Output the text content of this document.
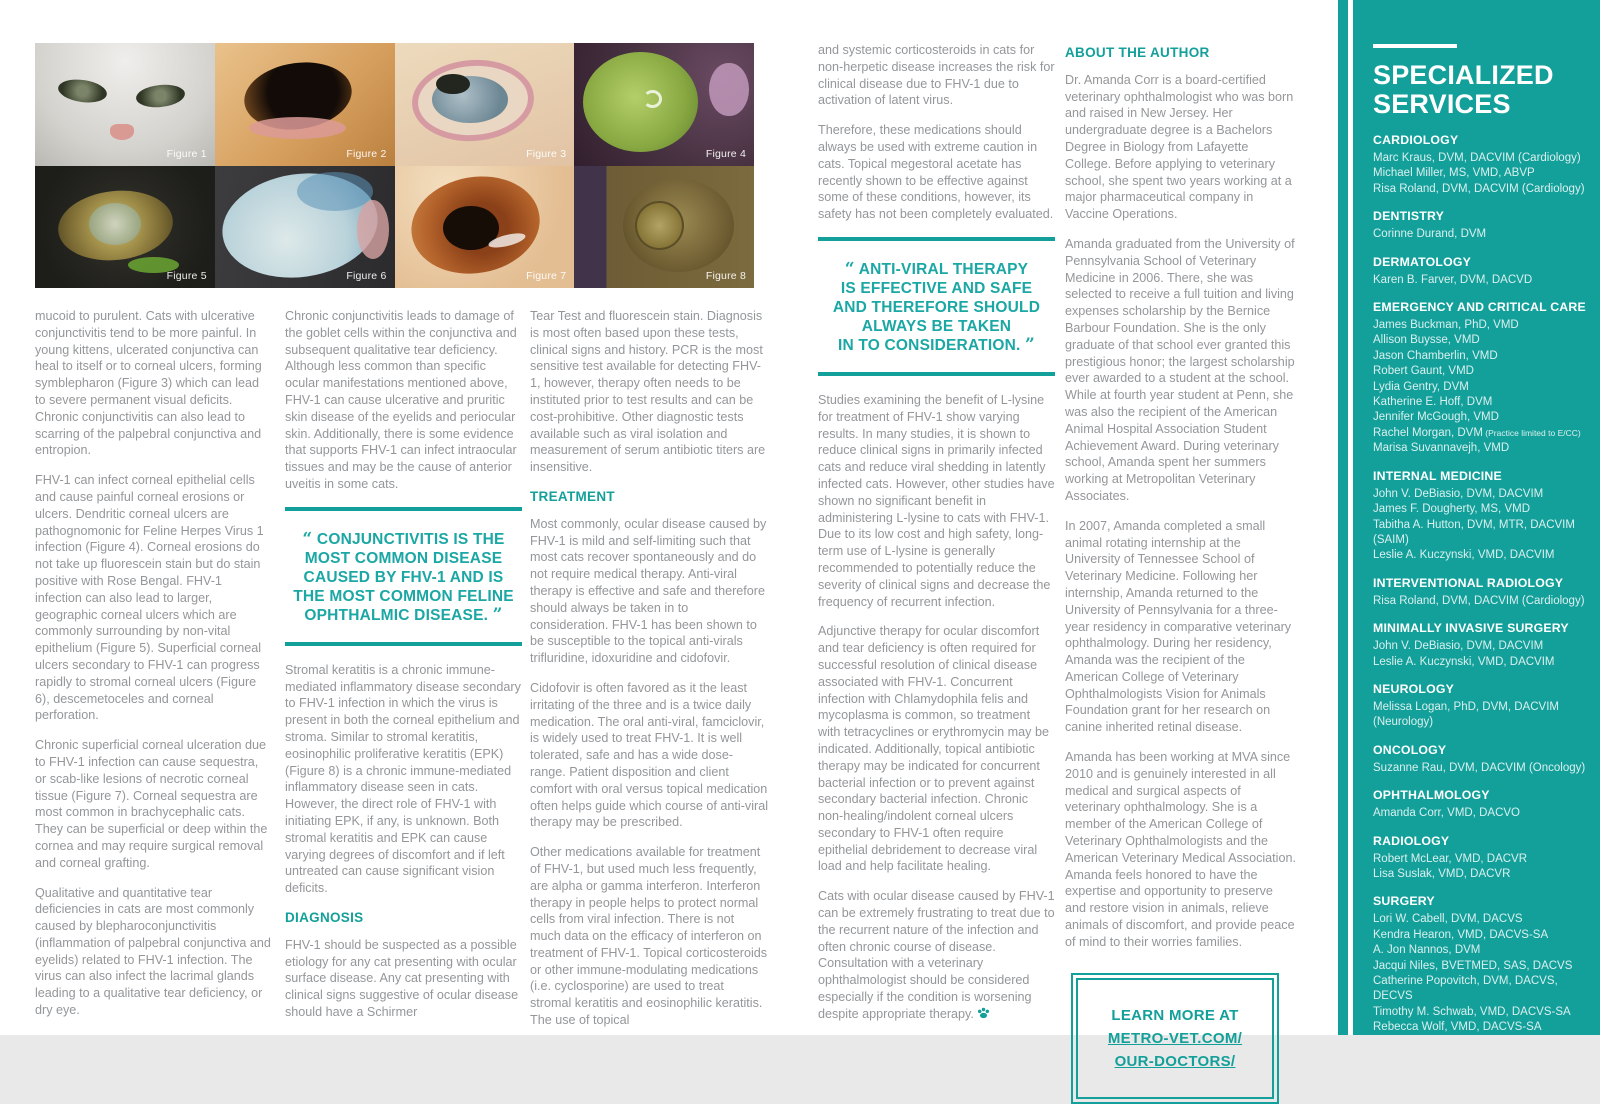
Figure 1	Figure 2	Figure 3	Figure 4
Figure 5	Figure 6	Figure 7	Figure 8

mucoid to purulent. Cats with ulcerative conjunctivitis tend to be more painful. In young kittens, ulcerated conjunctiva can heal to itself or to corneal ulcers, forming symblepharon (Figure 3) which can lead to severe permanent visual deficits. Chronic conjunctivitis can also lead to scarring of the palpebral conjunctiva and entropion.

FHV-1 can infect corneal epithelial cells and cause painful corneal erosions or ulcers. Dendritic corneal ulcers are pathognomonic for Feline Herpes Virus 1 infection (Figure 4). Corneal erosions do not take up fluorescein stain but do stain positive with Rose Bengal. FHV-1 infection can also lead to larger, geographic corneal ulcers which are commonly surrounding by non-vital epithelium (Figure 5). Superficial corneal ulcers secondary to FHV-1 can progress rapidly to stromal corneal ulcers (Figure 6), descemetoceles and corneal perforation.

Chronic superficial corneal ulceration due to FHV-1 infection can cause sequestra, or scab-like lesions of necrotic corneal tissue (Figure 7). Corneal sequestra are most common in brachycephalic cats. They can be superficial or deep within the cornea and may require surgical removal and corneal grafting.

Qualitative and quantitative tear deficiencies in cats are most commonly caused by blepharoconjunctivitis (inflammation of palpebral conjunctiva and eyelids) related to FHV-1 infection. The virus can also infect the lacrimal glands leading to a qualitative tear deficiency, or dry eye.

Chronic conjunctivitis leads to damage of the goblet cells within the conjunctiva and subsequent qualitative tear deficiency. Although less common than specific ocular manifestations mentioned above, FHV-1 can cause ulcerative and pruritic skin disease of the eyelids and periocular skin. Additionally, there is some evidence that supports FHV-1 can infect intraocular tissues and may be the cause of anterior uveitis in some cats.

“ CONJUNCTIVITIS IS THE
MOST COMMON DISEASE
CAUSED BY FHV-1 AND IS
THE MOST COMMON FELINE
OPHTHALMIC DISEASE. ”

Stromal keratitis is a chronic immune-mediated inflammatory disease secondary to FHV-1 infection in which the virus is present in both the corneal epithelium and stroma. Similar to stromal keratitis, eosinophilic proliferative keratitis (EPK) (Figure 8) is a chronic immune-mediated inflammatory disease seen in cats. However, the direct role of FHV-1 with initiating EPK, if any, is unknown. Both stromal keratitis and EPK can cause varying degrees of discomfort and if left untreated can cause significant vision deficits.

DIAGNOSIS

FHV-1 should be suspected as a possible etiology for any cat presenting with ocular surface disease. Any cat presenting with clinical signs suggestive of ocular disease should have a Schirmer

Tear Test and fluorescein stain. Diagnosis is most often based upon these tests, clinical signs and history. PCR is the most sensitive test available for detecting FHV-1, however, therapy often needs to be instituted prior to test results and can be cost-prohibitive. Other diagnostic tests available such as viral isolation and measurement of serum antibiotic titers are insensitive.

TREATMENT

Most commonly, ocular disease caused by FHV-1 is mild and self-limiting such that most cats recover spontaneously and do not require medical therapy. Anti-viral therapy is effective and safe and therefore should always be taken in to consideration. FHV-1 has been shown to be susceptible to the topical anti-virals trifluridine, idoxuridine and cidofovir.

Cidofovir is often favored as it the least irritating of the three and is a twice daily medication. The oral anti-viral, famciclovir, is widely used to treat FHV-1. It is well tolerated, safe and has a wide dose-range. Patient disposition and client comfort with oral versus topical medication often helps guide which course of anti-viral therapy may be prescribed.

Other medications available for treatment of FHV-1, but used much less frequently, are alpha or gamma interferon. Interferon therapy in people helps to protect normal cells from viral infection. There is not much data on the efficacy of interferon on treatment of FHV-1. Topical corticosteroids or other immune-modulating medications (i.e. cyclosporine) are used to treat stromal keratitis and eosinophilic keratitis. The use of topical

and systemic corticosteroids in cats for non-herpetic disease increases the risk for clinical disease due to FHV-1 due to activation of latent virus.

Therefore, these medications should always be used with extreme caution in cats. Topical megestoral acetate has recently shown to be effective against some of these conditions, however, its safety has not been completely evaluated.

“ ANTI-VIRAL THERAPY
IS EFFECTIVE AND SAFE
AND THEREFORE SHOULD
ALWAYS BE TAKEN
IN TO CONSIDERATION. ”

Studies examining the benefit of L-lysine for treatment of FHV-1 show varying results. In many studies, it is shown to reduce clinical signs in primarily infected cats and reduce viral shedding in latently infected cats. However, other studies have shown no significant benefit in administering L-lysine to cats with FHV-1. Due to its low cost and high safety, long-term use of L-lysine is generally recommended to potentially reduce the severity of clinical signs and decrease the frequency of recurrent infection.

Adjunctive therapy for ocular discomfort and tear deficiency is often required for successful resolution of clinical disease associated with FHV-1. Concurrent infection with Chlamydophila felis and mycoplasma is common, so treatment with tetracyclines or erythromycin may be indicated. Additionally, topical antibiotic therapy may be indicated for concurrent bacterial infection or to prevent against secondary bacterial infection. Chronic non-healing/indolent corneal ulcers secondary to FHV-1 often require epithelial debridement to decrease viral load and help facilitate healing.

Cats with ocular disease caused by FHV-1 can be extremely frustrating to treat due to the recurrent nature of the infection and often chronic course of disease. Consultation with a veterinary ophthalmologist should be considered especially if the condition is worsening despite appropriate therapy.

ABOUT THE AUTHOR

Dr. Amanda Corr is a board-certified veterinary ophthalmologist who was born and raised in New Jersey. Her undergraduate degree is a Bachelors Degree in Biology from Lafayette College. Before applying to veterinary school, she spent two years working at a major pharmaceutical company in Vaccine Operations.

Amanda graduated from the University of Pennsylvania School of Veterinary Medicine in 2006. There, she was selected to receive a full tuition and living expenses scholarship by the Bernice Barbour Foundation. She is the only graduate of that school ever granted this prestigious honor; the largest scholarship ever awarded to a student at the school. While at fourth year student at Penn, she was also the recipient of the American Animal Hospital Association Student Achievement Award. During veterinary school, Amanda spent her summers working at Metropolitan Veterinary Associates.

In 2007, Amanda completed a small animal rotating internship at the University of Tennessee School of Veterinary Medicine. Following her internship, Amanda returned to the University of Pennsylvania for a three-year residency in comparative veterinary ophthalmology. During her residency, Amanda was the recipient of the American College of Veterinary Ophthalmologists Vision for Animals Foundation grant for her research on canine inherited retinal disease.

Amanda has been working at MVA since 2010 and is genuinely interested in all medical and surgical aspects of veterinary ophthalmology. She is a member of the American College of Veterinary Ophthalmologists and the American Veterinary Medical Association. Amanda feels honored to have the expertise and opportunity to preserve and restore vision in animals, relieve animals of discomfort, and provide peace of mind to their worries families.

LEARN MORE AT
METRO-VET.COM/
OUR-DOCTORS/
SPECIALIZED
SERVICES
CARDIOLOGY
Marc Kraus, DVM, DACVIM (Cardiology)
Michael Miller, MS, VMD, ABVP
Risa Roland, DVM, DACVIM (Cardiology)
DENTISTRY
Corinne Durand, DVM
DERMATOLOGY
Karen B. Farver, DVM, DACVD
EMERGENCY AND CRITICAL CARE
James Buckman, PhD, VMD
Allison Buysse, VMD
Jason Chamberlin, VMD
Robert Gaunt, VMD
Lydia Gentry, DVM
Katherine E. Hoff, DVM
Jennifer McGough, VMD
Rachel Morgan, DVM (Practice limited to E/CC)
Marisa Suvannavejh, VMD
INTERNAL MEDICINE
John V. DeBiasio, DVM, DACVIM
James F. Dougherty, MS, VMD
Tabitha A. Hutton, DVM, MTR, DACVIM (SAIM)
Leslie A. Kuczynski, VMD, DACVIM
INTERVENTIONAL RADIOLOGY
Risa Roland, DVM, DACVIM (Cardiology)
MINIMALLY INVASIVE SURGERY
John V. DeBiasio, DVM, DACVIM
Leslie A. Kuczynski, VMD, DACVIM
NEUROLOGY
Melissa Logan, PhD, DVM, DACVIM (Neurology)
ONCOLOGY
Suzanne Rau, DVM, DACVIM (Oncology)
OPHTHALMOLOGY
Amanda Corr, VMD, DACVO
RADIOLOGY
Robert McLear, VMD, DACVR
Lisa Suslak, VMD, DACVR
SURGERY
Lori W. Cabell, DVM, DACVS
Kendra Hearon, VMD, DACVS-SA
A. Jon Nannos, DVM
Jacqui Niles, BVETMED, SAS, DACVS
Catherine Popovitch, DVM, DACVS, DECVS
Timothy M. Schwab, VMD, DACVS-SA
Rebecca Wolf, VMD, DACVS-SA
